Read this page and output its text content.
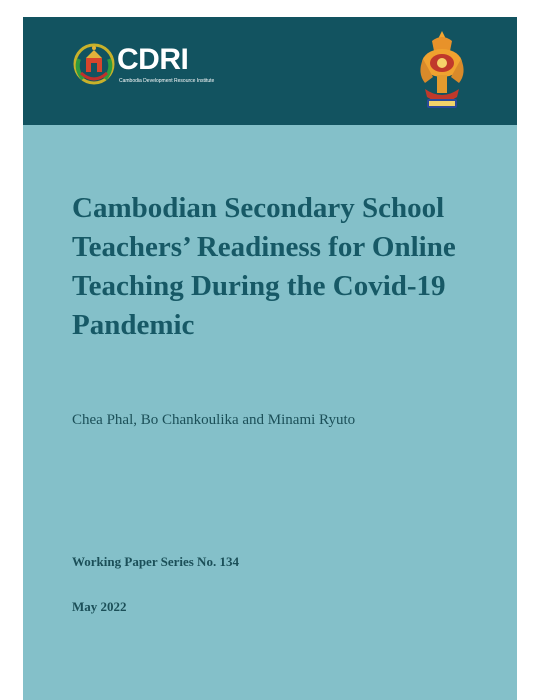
CDRI
Cambodia Development Resource Institute
Cambodian Secondary School
Teachers’ Readiness for Online
Teaching During the Covid-19
Pandemic

Chea Phal, Bo Chankoulika and Minami Ryuto

Working Paper Series No. 134

May 2022
